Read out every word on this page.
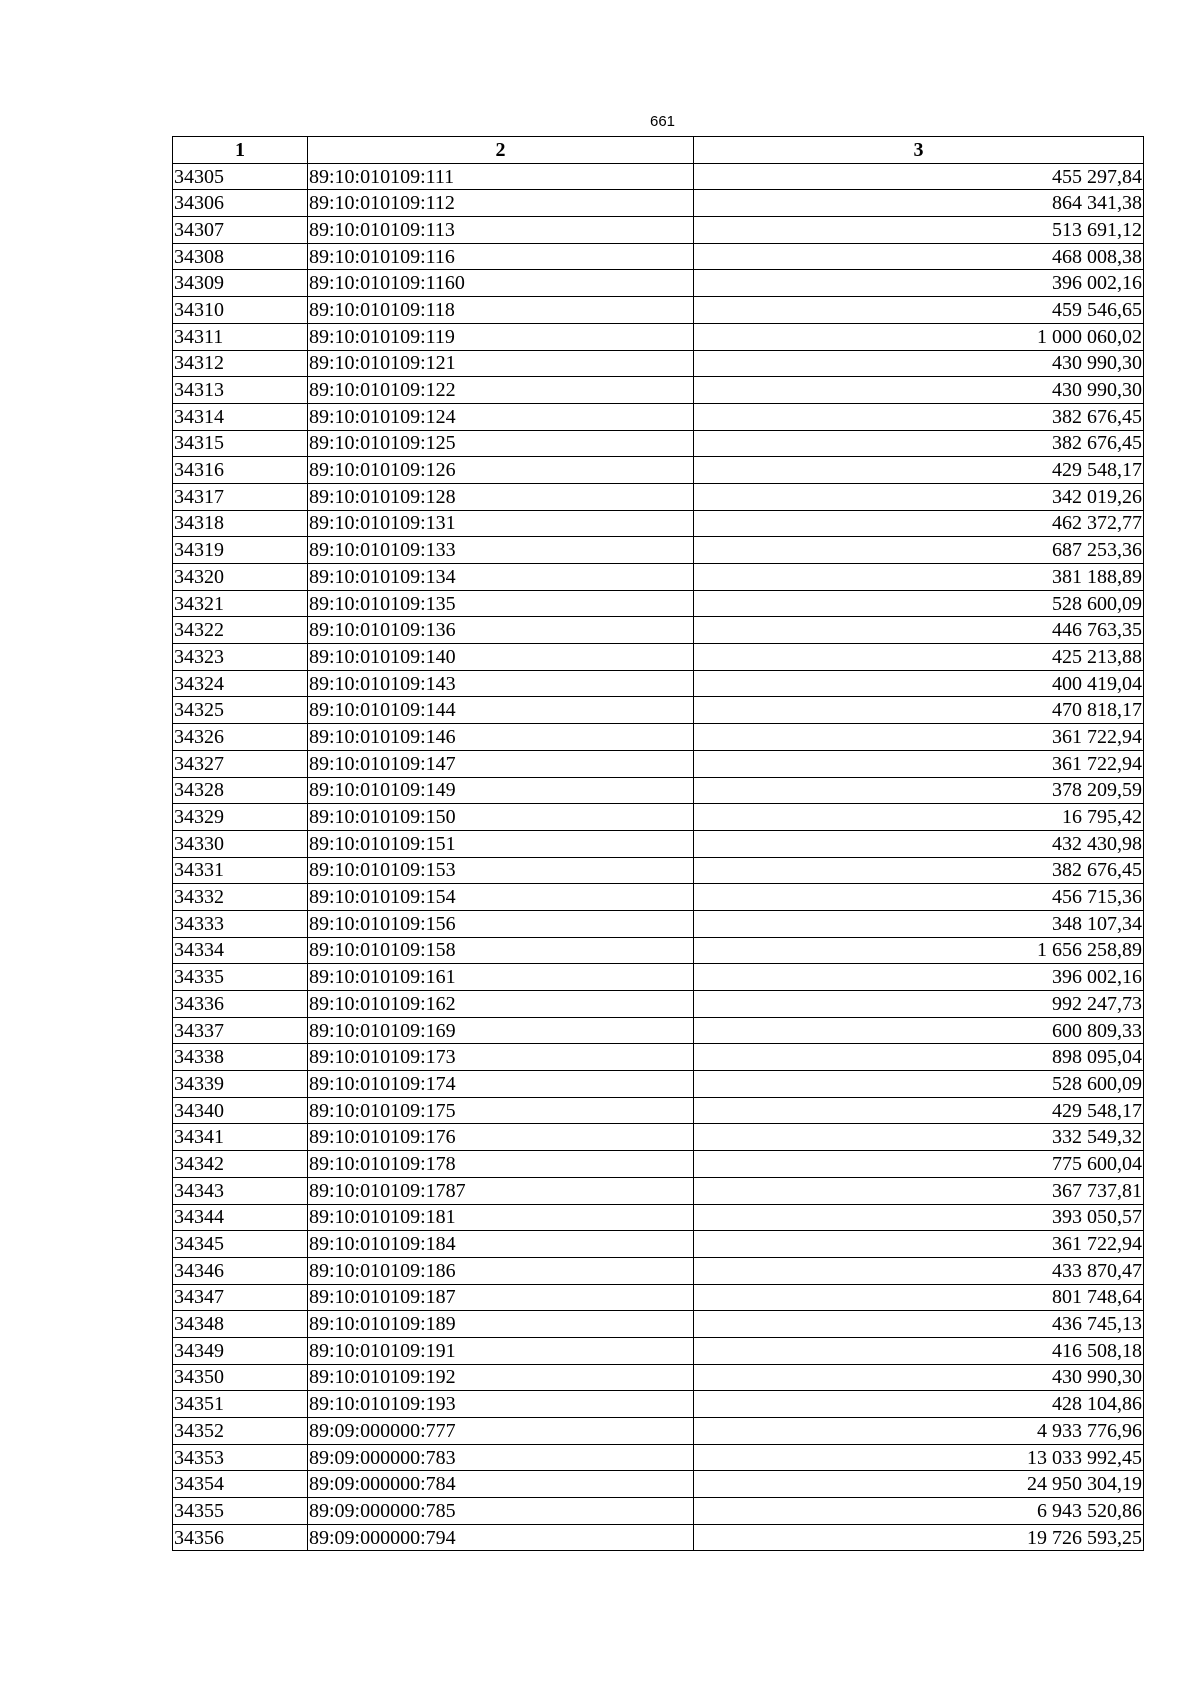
661
1	2	3
34305	89:10:010109:111	455 297,84
34306	89:10:010109:112	864 341,38
34307	89:10:010109:113	513 691,12
34308	89:10:010109:116	468 008,38
34309	89:10:010109:1160	396 002,16
34310	89:10:010109:118	459 546,65
34311	89:10:010109:119	1 000 060,02
34312	89:10:010109:121	430 990,30
34313	89:10:010109:122	430 990,30
34314	89:10:010109:124	382 676,45
34315	89:10:010109:125	382 676,45
34316	89:10:010109:126	429 548,17
34317	89:10:010109:128	342 019,26
34318	89:10:010109:131	462 372,77
34319	89:10:010109:133	687 253,36
34320	89:10:010109:134	381 188,89
34321	89:10:010109:135	528 600,09
34322	89:10:010109:136	446 763,35
34323	89:10:010109:140	425 213,88
34324	89:10:010109:143	400 419,04
34325	89:10:010109:144	470 818,17
34326	89:10:010109:146	361 722,94
34327	89:10:010109:147	361 722,94
34328	89:10:010109:149	378 209,59
34329	89:10:010109:150	16 795,42
34330	89:10:010109:151	432 430,98
34331	89:10:010109:153	382 676,45
34332	89:10:010109:154	456 715,36
34333	89:10:010109:156	348 107,34
34334	89:10:010109:158	1 656 258,89
34335	89:10:010109:161	396 002,16
34336	89:10:010109:162	992 247,73
34337	89:10:010109:169	600 809,33
34338	89:10:010109:173	898 095,04
34339	89:10:010109:174	528 600,09
34340	89:10:010109:175	429 548,17
34341	89:10:010109:176	332 549,32
34342	89:10:010109:178	775 600,04
34343	89:10:010109:1787	367 737,81
34344	89:10:010109:181	393 050,57
34345	89:10:010109:184	361 722,94
34346	89:10:010109:186	433 870,47
34347	89:10:010109:187	801 748,64
34348	89:10:010109:189	436 745,13
34349	89:10:010109:191	416 508,18
34350	89:10:010109:192	430 990,30
34351	89:10:010109:193	428 104,86
34352	89:09:000000:777	4 933 776,96
34353	89:09:000000:783	13 033 992,45
34354	89:09:000000:784	24 950 304,19
34355	89:09:000000:785	6 943 520,86
34356	89:09:000000:794	19 726 593,25
